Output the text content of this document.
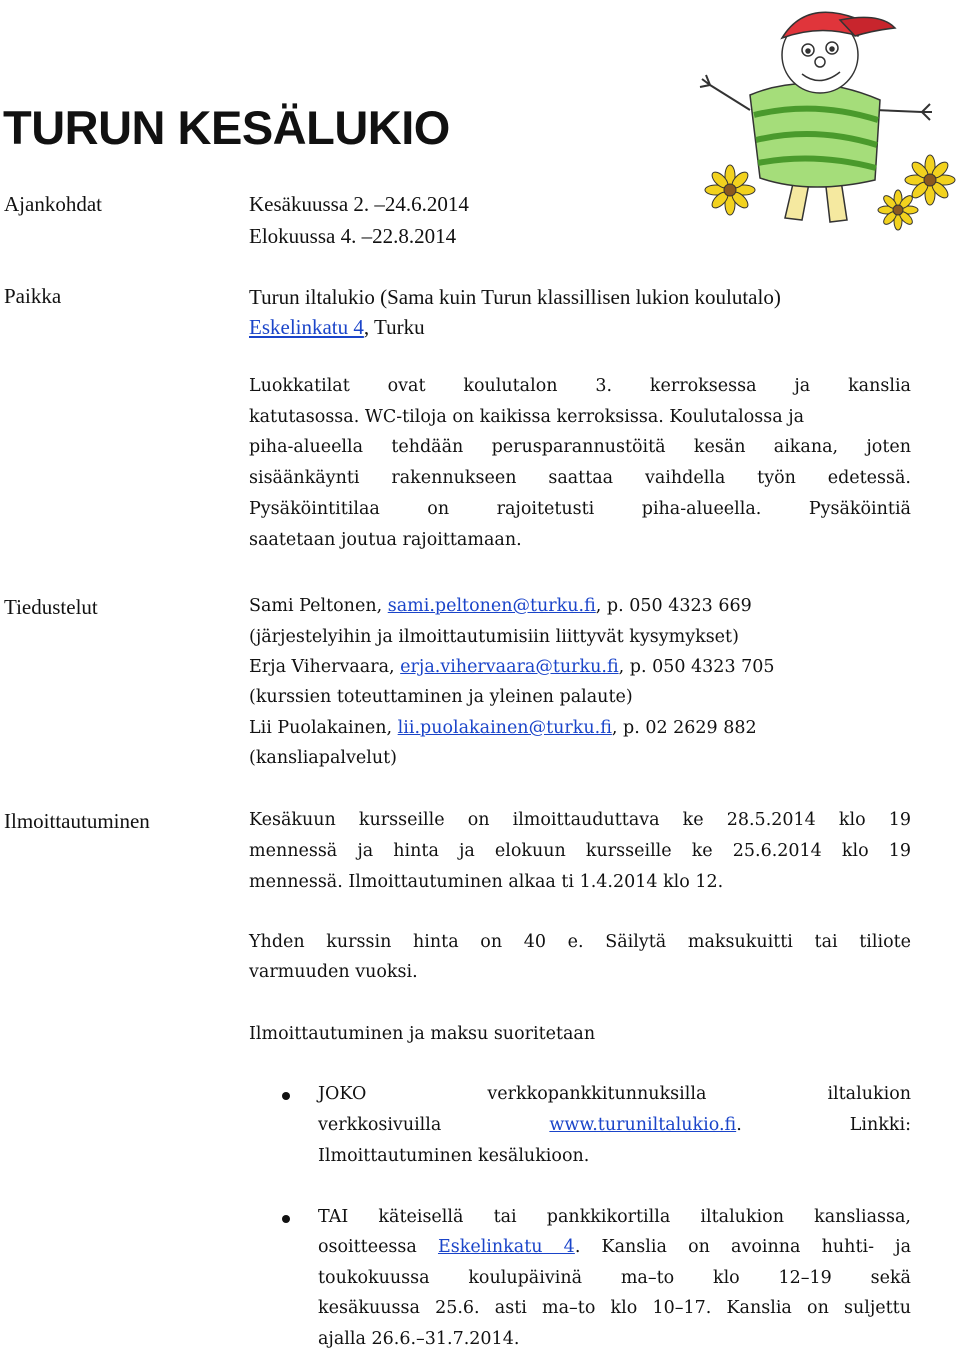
TURUN KESÄLUKIO
Ajankohdat	Kesäkuussa 2. –24.6.2014
Elokuussa 4. –22.8.2014
Paikka	Turun iltalukio (Sama kuin Turun klassillisen lukion koulutalo)
Eskelinkatu 4, Turku
Luokkatilat ovat koulutalon 3. kerroksessa ja kanslia
katutasossa. WC-tiloja on kaikissa kerroksissa. Koulutalossa ja
piha-alueella tehdään perusparannustöitä kesän aikana, joten
sisäänkäynti rakennukseen saattaa vaihdella työn edetessä.
Pysäköintitilaa on rajoitetusti piha-alueella. Pysäköintiä
saatetaan joutua rajoittamaan.
Tiedustelut	Sami Peltonen, sami.peltonen@turku.fi, p. 050 4323 669
(järjestelyihin ja ilmoittautumisiin liittyvät kysymykset)
Erja Vihervaara, erja.vihervaara@turku.fi, p. 050 4323 705
(kurssien toteuttaminen ja yleinen palaute)
Lii Puolakainen, lii.puolakainen@turku.fi, p. 02 2629 882
(kansliapalvelut)
Ilmoittautuminen	Kesäkuun kursseille on ilmoittauduttava ke 28.5.2014 klo 19
mennessä ja hinta ja elokuun kursseille ke 25.6.2014 klo 19
mennessä. Ilmoittautuminen alkaa ti 1.4.2014 klo 12.
Yhden kurssin hinta on 40 e. Säilytä maksukuitti tai tiliote
varmuuden vuoksi.
Ilmoittautuminen ja maksu suoritetaan
JOKO verkkopankkitunnuksilla iltalukion
verkkosivuilla www.turuniltalukio.fi. Linkki:
Ilmoittautuminen kesälukioon.
TAI käteisellä tai pankkikortilla iltalukion kansliassa,
osoitteessa Eskelinkatu 4. Kanslia on avoinna huhti- ja
toukokuussa koulupäivinä ma–to klo 12–19 sekä
kesäkuussa 25.6. asti ma–to klo 10–17. Kanslia on suljettu
ajalla 26.6.–31.7.2014.
